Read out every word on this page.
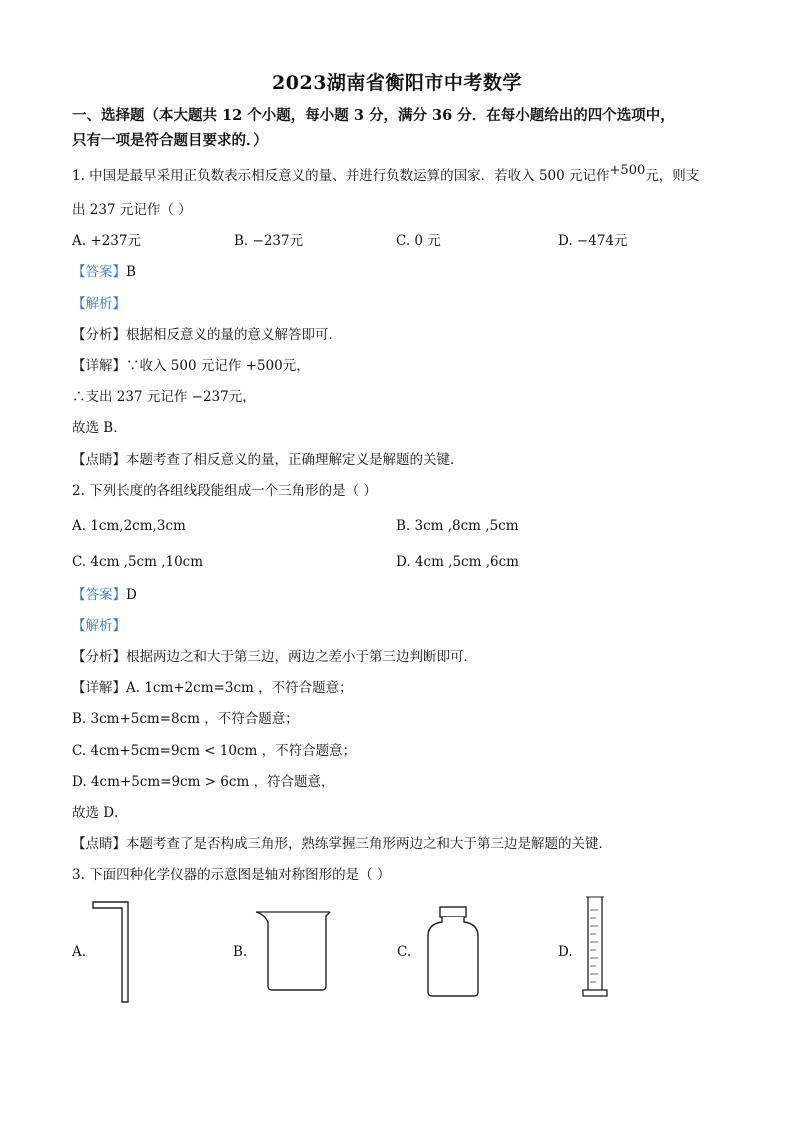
2023湖南省衡阳市中考数学
一、选择题（本大题共 12 个小题，每小题 3 分，满分 36 分．在每小题给出的四个选项中，
只有一项是符合题目要求的．）
1. 中国是最早采用正负数表示相反意义的量、并进行负数运算的国家．若收入 500 元记作+500元，则支
出 237 元记作（ ）
A. +237元	B. −237元	C. 0 元	D. −474元
【答案】B
【解析】
【分析】根据相反意义的量的意义解答即可．
【详解】∵收入 500 元记作 +500元，
∴支出 237 元记作 −237元，
故选 B．
【点睛】本题考查了相反意义的量，正确理解定义是解题的关键．
2. 下列长度的各组线段能组成一个三角形的是（ ）
A. 1cm,2cm,3cm	B. 3cm ,8cm ,5cm
C. 4cm ,5cm ,10cm	D. 4cm ,5cm ,6cm
【答案】D
【解析】
【分析】根据两边之和大于第三边，两边之差小于第三边判断即可．
【详解】A. 1cm+2cm=3cm ，不符合题意；
B. 3cm+5cm=8cm ，不符合题意；
C. 4cm+5cm=9cm < 10cm ，不符合题意；
D. 4cm+5cm=9cm > 6cm ，符合题意，
故选 D．
【点睛】本题考查了是否构成三角形，熟练掌握三角形两边之和大于第三边是解题的关键．
3. 下面四种化学仪器的示意图是轴对称图形的是（ ）
A.	B.	C.	D.
